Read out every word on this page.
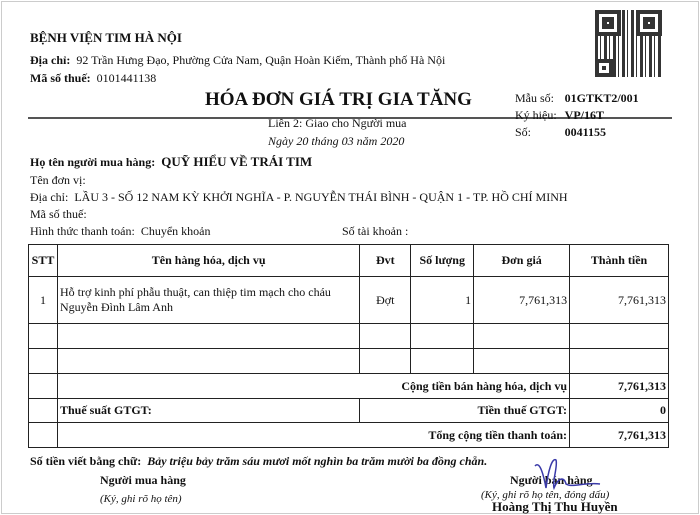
BỆNH VIỆN TIM HÀ NỘI
Địa chỉ: 92 Trần Hưng Đạo, Phường Cửa Nam, Quận Hoàn Kiếm, Thành phố Hà Nội
Mã số thuế: 0101441138
HÓA ĐƠN GIÁ TRỊ GIA TĂNG
Liên 2: Giao cho Người mua
Ngày 20 tháng 03 năm 2020
Mẫu số: 01GTKT2/001
Ký hiệu: VP/16T
Số:	0041155
Họ tên người mua hàng: QUỸ HIỂU VỀ TRÁI TIM
Tên đơn vị:
Địa chỉ: LẦU 3 - SỐ 12 NAM KỲ KHỞI NGHĨA - P. NGUYỄN THÁI BÌNH - QUẬN 1 - TP. HỒ CHÍ MINH
Mã số thuế:
Hình thức thanh toán: Chuyển khoản	Số tài khoản :
STT	Tên hàng hóa, dịch vụ	Đvt	Số lượng	Đơn giá	Thành tiền
1	Hỗ trợ kinh phí phẫu thuật, can thiệp tim mạch cho cháu Nguyễn Đình Lâm Anh	Đợt	1	7,761,313	7,761,313

	Cộng tiền bán hàng hóa, dịch vụ				7,761,313
	Thuế suất GTGT:	Tiền thuế GTGT:			0
	Tổng cộng tiền thanh toán:				7,761,313
Số tiền viết bằng chữ: Bảy triệu bảy trăm sáu mươi mốt nghìn ba trăm mười ba đồng chẵn.
Người mua hàng
(Ký, ghi rõ họ tên)
Người bán hàng
(Ký, ghi rõ họ tên, đóng dấu)
Hoàng Thị Thu Huyền
